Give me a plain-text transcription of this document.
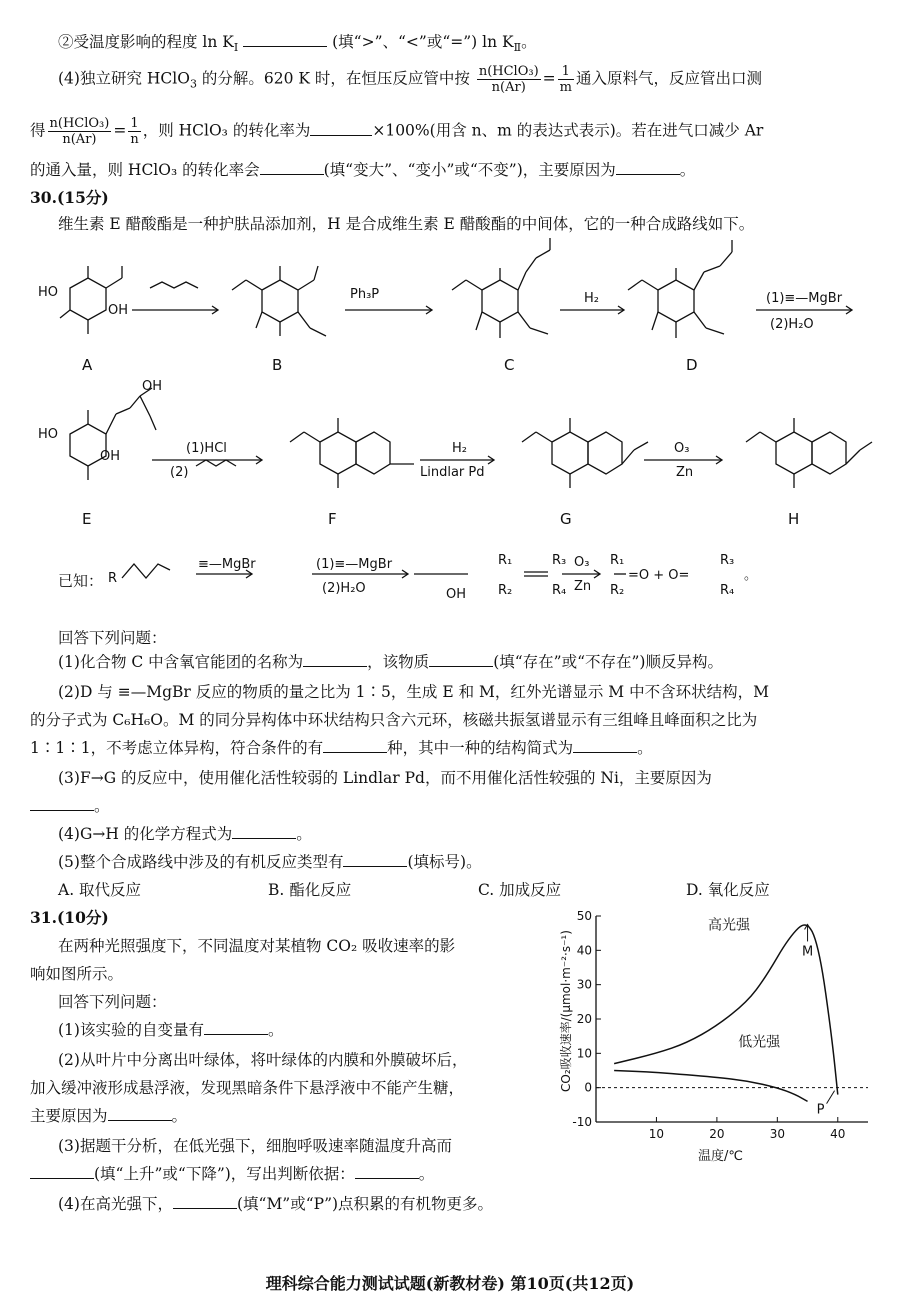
②受温度影响的程度 $\ln K_Ⅰ$	(填“>”、“<”或“=”) $\ln K_Ⅱ$。
(4)独立研究 HClO$_3$ 的分解。620 K 时，在恒压反应管中按 $\frac{\text{n(HClO₃)}}{n(Ar)} = \frac{1}{m}$ 通入原料气，反应管出口测
得 $\frac{\text{n(HClO₃)}}{n(Ar)} = \frac{1}{n}$ ，则 HClO₃ 的转化率为	×100%(用含 n、m 的表达式表示)。若在进气口减少 Ar
的通入量，则 HClO₃ 的转化率会	(填“变大”、“变小”或“不变”)，主要原因为	。
30.(15分)
维生素 E 醋酸酯是一种护肤品添加剂，H 是合成维生素 E 醋酸酯的中间体，它的一种合成路线如下。
HO
OH
Ph₃P	H₂	(1)≡—MgBr
(2)H₂O
HO
OH
OH
(1)HCl
(2)
H₂
Lindlar Pd
O₃
Zn
R
≡—MgBr	(1)≡—MgBr
(2)H₂O	OH
R₁
R₂
R₃
R₄
O₃
Zn
R₁
R₂
=O + O=
R₃
R₄
。
A	B	C	D
E	F	G	H
已知：
回答下列问题：
(1)化合物 C 中含氧官能团的名称为	，该物质	(填“存在”或“不存在”)顺反异构。
(2)D 与 ≡—MgBr 反应的物质的量之比为 1∶5，生成 E 和 M，红外光谱显示 M 中不含环状结构，M
的分子式为 C₆H₆O。M 的同分异构体中环状结构只含六元环，核磁共振氢谱显示有三组峰且峰面积之比为
1∶1∶1，不考虑立体异构，符合条件的有	种，其中一种的结构简式为	。
(3)F→G 的反应中，使用催化活性较弱的 Lindlar Pd，而不用催化活性较强的 Ni，主要原因为
。
(4)G→H 的化学方程式为	。
(5)整个合成路线中涉及的有机反应类型有	(填标号)。
A. 取代反应	B. 酯化反应	C. 加成反应	D. 氧化反应
31.(10分)
在两种光照强度下，不同温度对某植物 CO₂ 吸收速率的影
响如图所示。
回答下列问题：
(1)该实验的自变量有	。
(2)从叶片中分离出叶绿体，将叶绿体的内膜和外膜破坏后，
加入缓冲液形成悬浮液，发现黑暗条件下悬浮液中不能产生糖，
主要原因为	。
(3)据题干分析，在低光强下，细胞呼吸速率随温度升高而
(填“上升”或“下降”)，写出判断依据：	。
(4)在高光强下，	(填“M”或“P”)点积累的有机物更多。
-10
0
10
20
30
40
50
10	20	30	40
高光强
低光强
M
P
CO₂吸收速率/(μmol·m⁻²·s⁻¹)
温度/℃
理科综合能力测试试题(新教材卷) 第10页(共12页)
